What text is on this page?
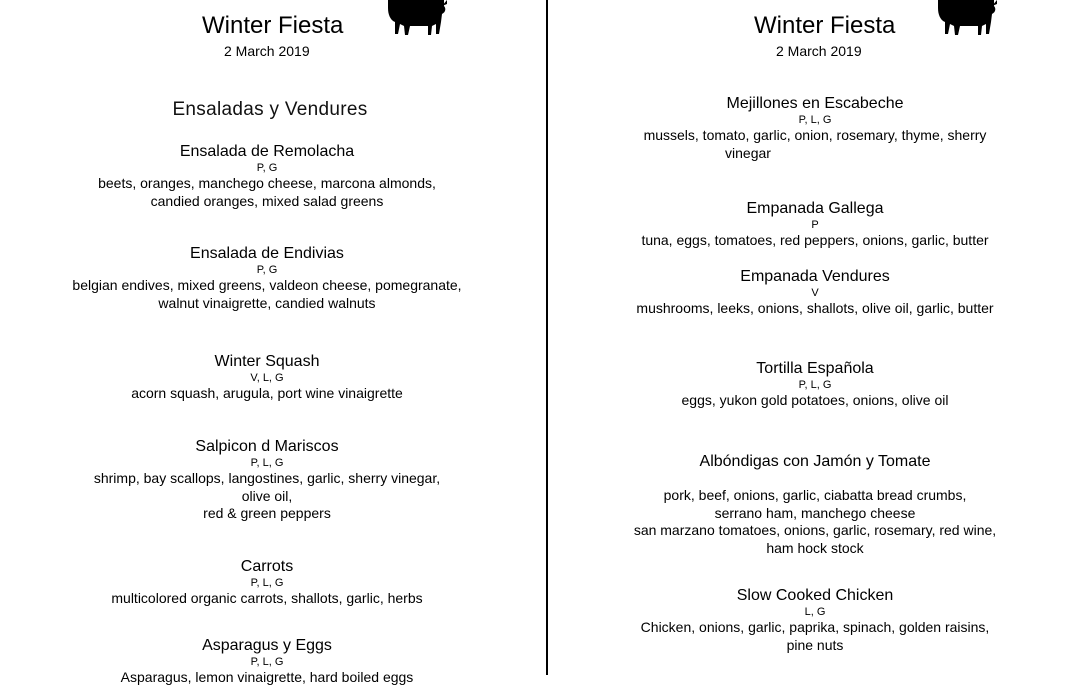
Winter Fiesta
2 March 2019
Ensaladas y Vendures
Ensalada de Remolacha
P, G
beets, oranges, manchego cheese, marcona almonds,
candied oranges, mixed salad greens
Ensalada de Endivias
P, G
belgian endives, mixed greens, valdeon cheese, pomegranate,
walnut vinaigrette, candied walnuts
Winter Squash
V, L, G
acorn squash, arugula, port wine vinaigrette
Salpicon d Mariscos
P, L, G
shrimp, bay scallops, langostines, garlic, sherry vinegar,
olive oil,
red & green peppers
Carrots
P, L, G
multicolored organic carrots, shallots, garlic, herbs
Asparagus y Eggs
P, L, G
Asparagus, lemon vinaigrette, hard boiled eggs
Winter Fiesta
2 March 2019
Mejillones en Escabeche
P, L, G
mussels, tomato, garlic, onion, rosemary, thyme, sherry
vinegar
Empanada Gallega
P
tuna, eggs, tomatoes, red peppers, onions, garlic, butter
Empanada Vendures
V
mushrooms, leeks, onions, shallots, olive oil, garlic, butter
Tortilla Española
P, L, G
eggs, yukon gold potatoes, onions, olive oil
Albóndigas con Jamón y Tomate
pork, beef, onions, garlic, ciabatta bread crumbs,
serrano ham, manchego cheese
san marzano tomatoes, onions, garlic, rosemary, red wine,
ham hock stock
Slow Cooked Chicken
L, G
Chicken, onions, garlic, paprika, spinach, golden raisins,
pine nuts
